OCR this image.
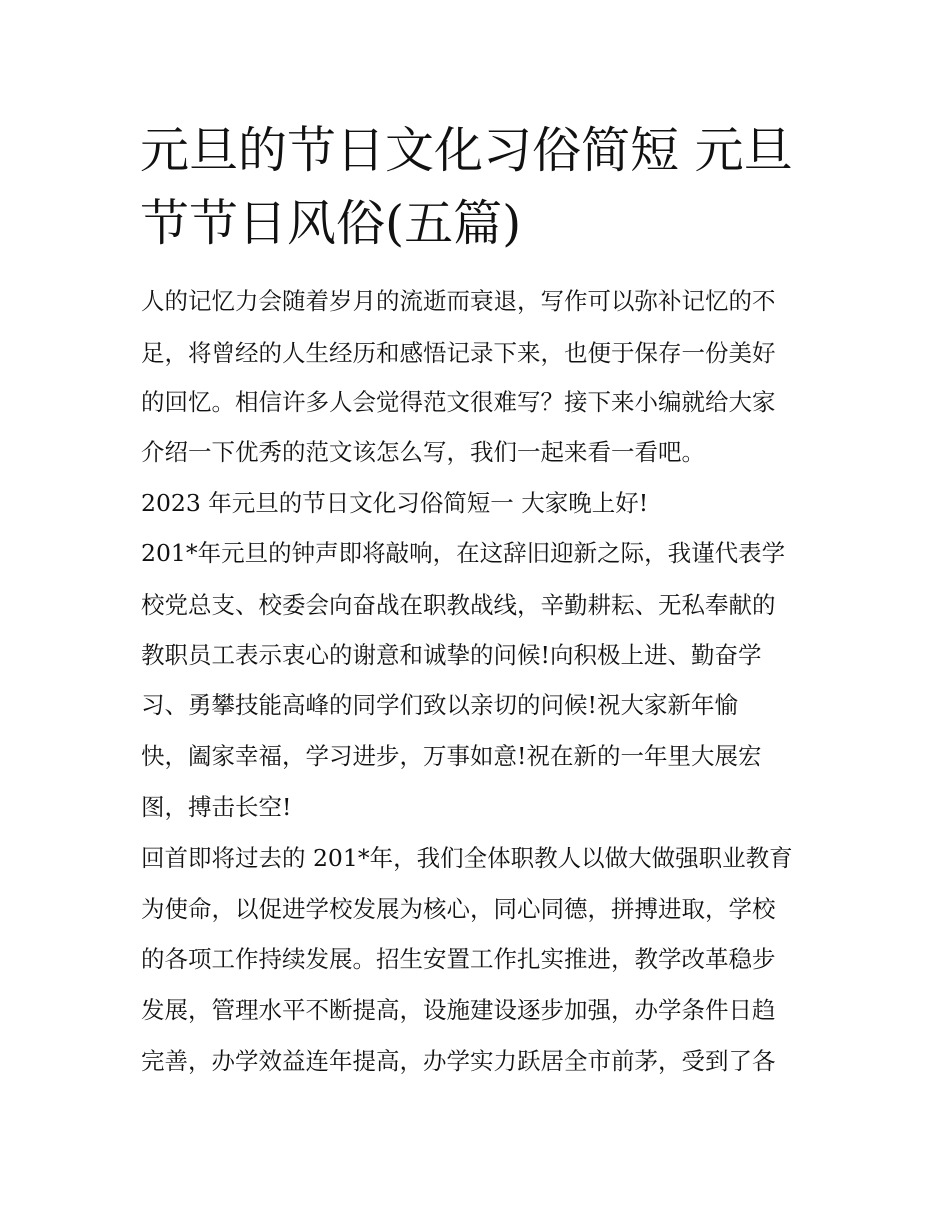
元旦的节日文化习俗简短 元旦
节节日风俗(五篇)

人的记忆力会随着岁月的流逝而衰退，写作可以弥补记忆的不

足，将曾经的人生经历和感悟记录下来，也便于保存一份美好

的回忆。相信许多人会觉得范文很难写？接下来小编就给大家

介绍一下优秀的范文该怎么写，我们一起来看一看吧。

2023 年元旦的节日文化习俗简短一 大家晚上好!

201*年元旦的钟声即将敲响，在这辞旧迎新之际，我谨代表学

校党总支、校委会向奋战在职教战线，辛勤耕耘、无私奉献的

教职员工表示衷心的谢意和诚挚的问候!向积极上进、勤奋学

习、勇攀技能高峰的同学们致以亲切的问候!祝大家新年愉

快，阖家幸福，学习进步，万事如意!祝在新的一年里大展宏

图，搏击长空!

回首即将过去的 201*年，我们全体职教人以做大做强职业教育

为使命，以促进学校发展为核心，同心同德，拼搏进取，学校

的各项工作持续发展。招生安置工作扎实推进，教学改革稳步

发展，管理水平不断提高，设施建设逐步加强，办学条件日趋

完善，办学效益连年提高，办学实力跃居全市前茅，受到了各
